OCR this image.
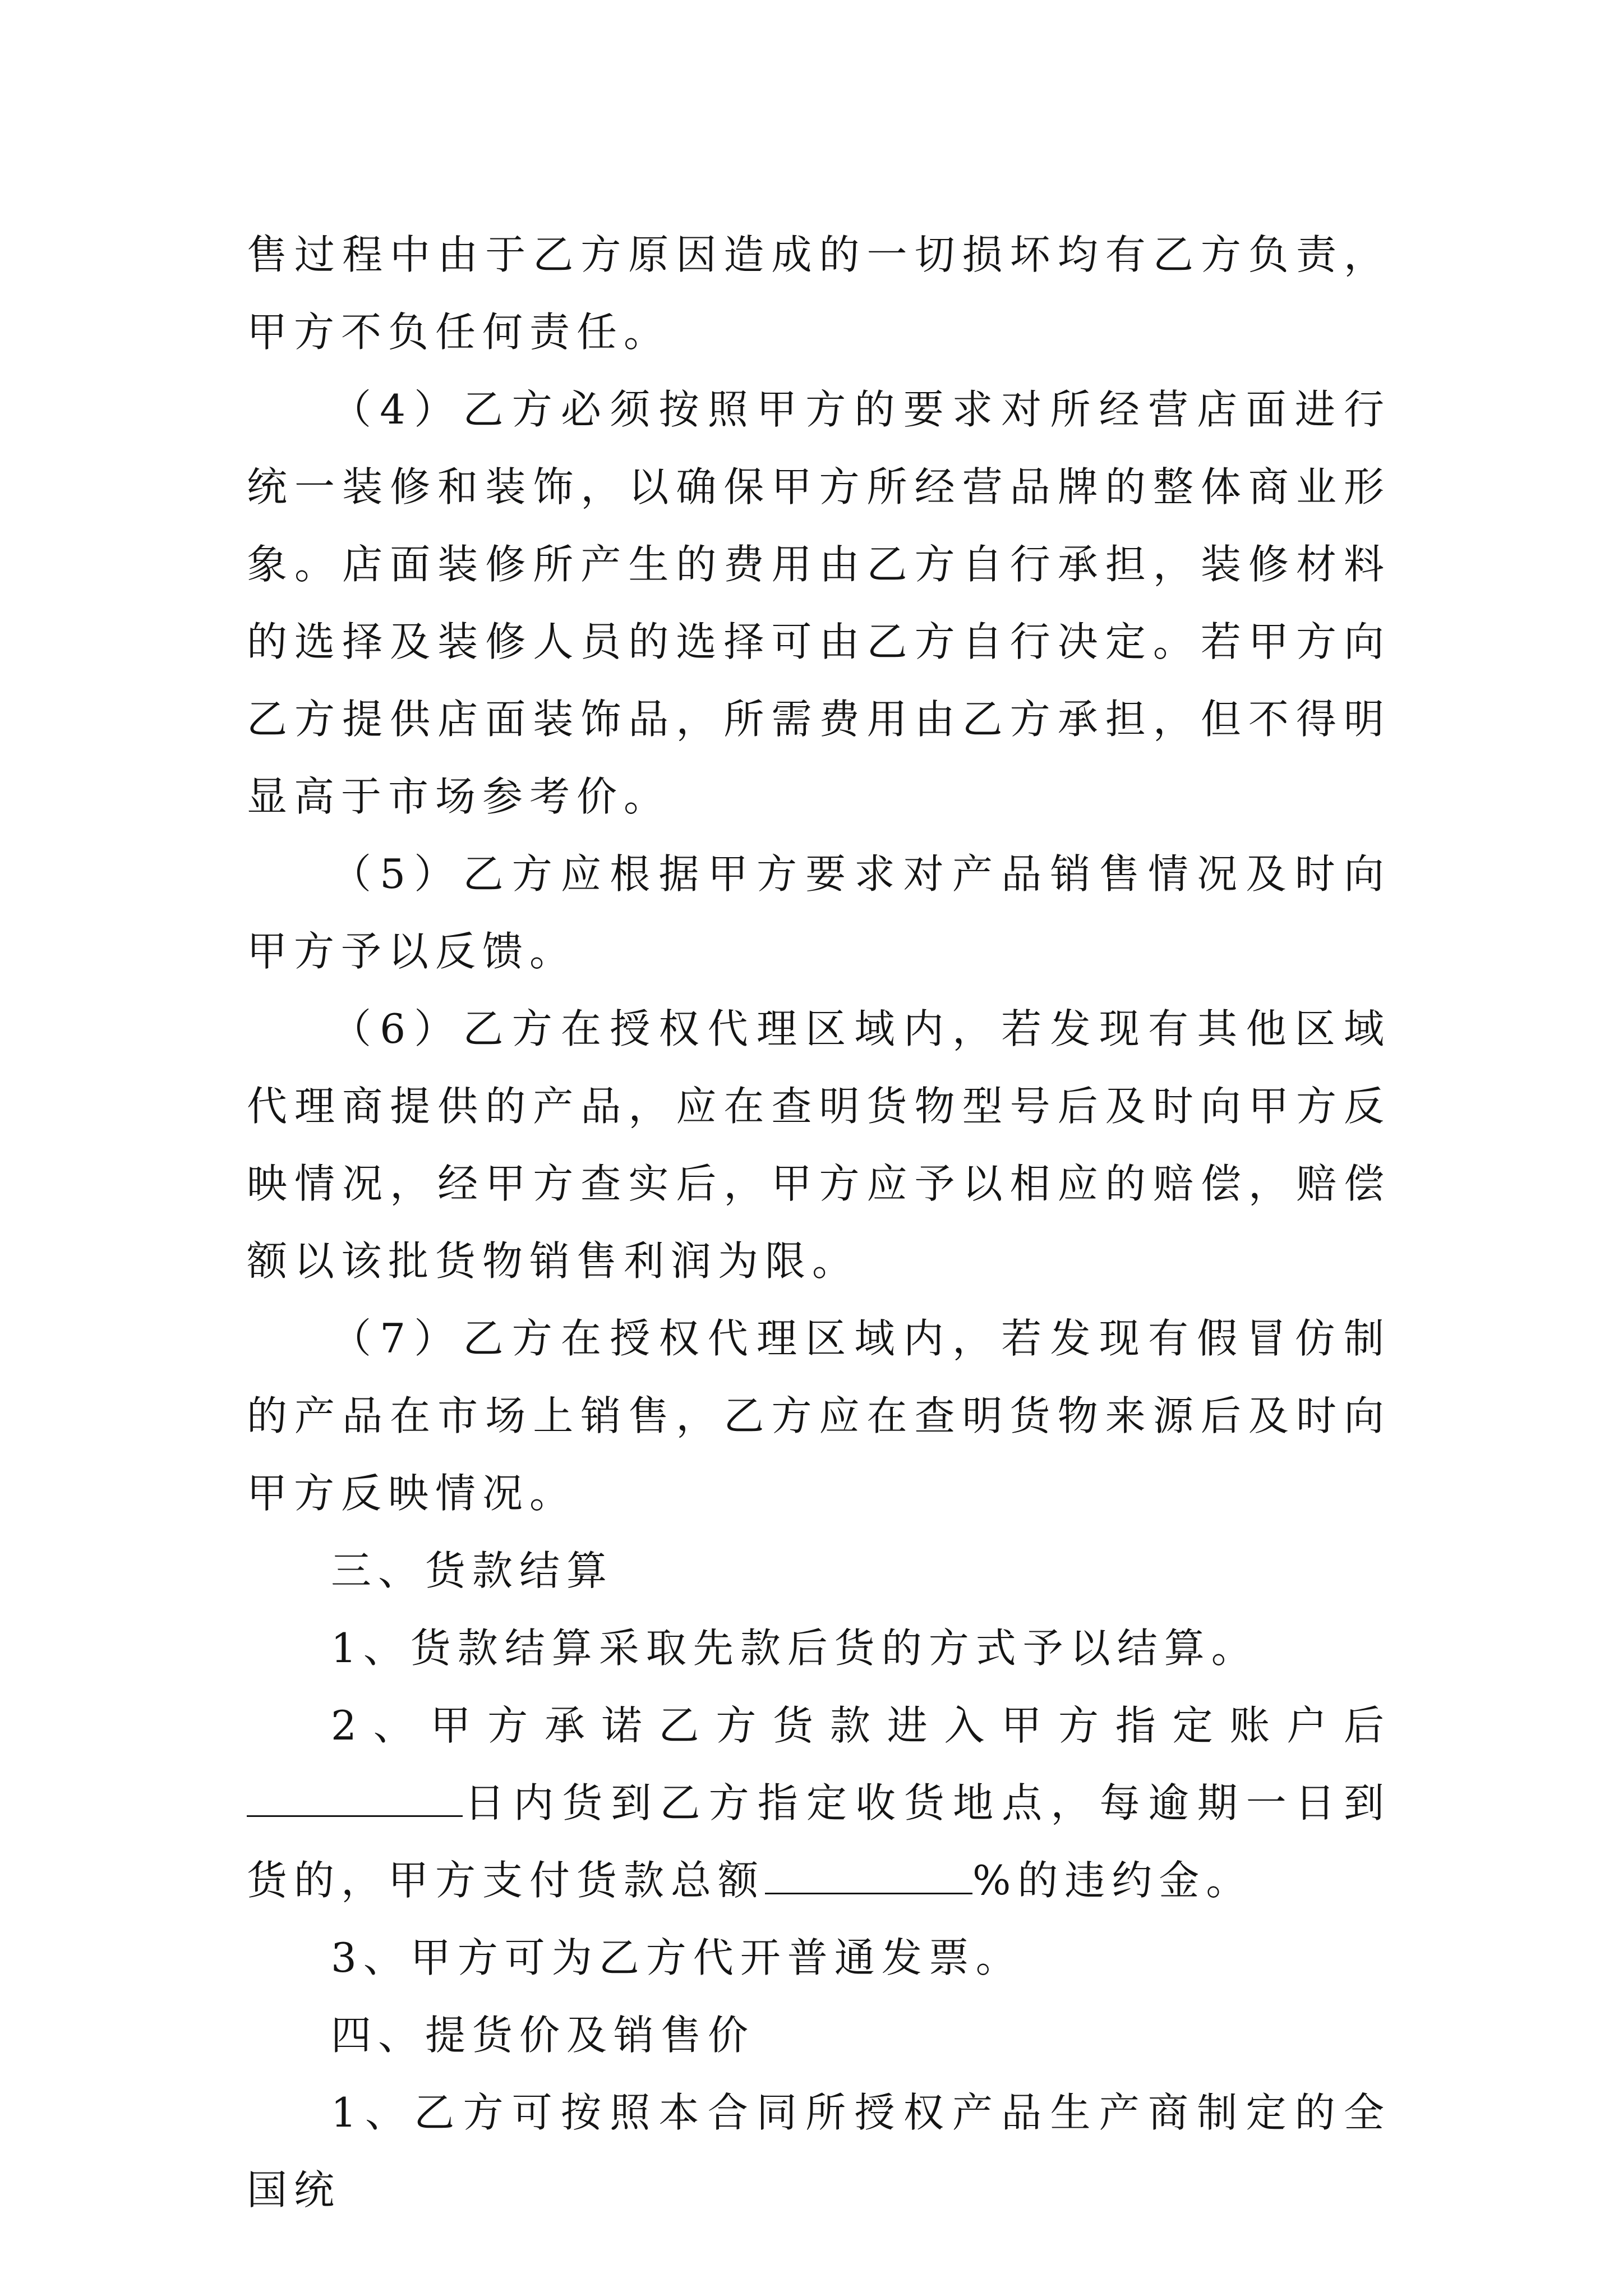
售过程中由于乙方原因造成的一切损坏均有乙方负责，甲方不负任何责任。

（4）乙方必须按照甲方的要求对所经营店面进行统一装修和装饰，以确保甲方所经营品牌的整体商业形象。店面装修所产生的费用由乙方自行承担，装修材料的选择及装修人员的选择可由乙方自行决定。若甲方向乙方提供店面装饰品，所需费用由乙方承担，但不得明显高于市场参考价。

（5）乙方应根据甲方要求对产品销售情况及时向甲方予以反馈。

（6）乙方在授权代理区域内，若发现有其他区域代理商提供的产品，应在查明货物型号后及时向甲方反映情况，经甲方查实后，甲方应予以相应的赔偿，赔偿额以该批货物销售利润为限。

（7）乙方在授权代理区域内，若发现有假冒仿制的产品在市场上销售，乙方应在查明货物来源后及时向甲方反映情况。

三、货款结算

1、货款结算采取先款后货的方式予以结算。

2、甲方承诺乙方货款进入甲方指定账户后日内货到乙方指定收货地点，每逾期一日到货的，甲方支付货款总额	%的违约金。

3、甲方可为乙方代开普通发票。

四、提货价及销售价

1、乙方可按照本合同所授权产品生产商制定的全国统
